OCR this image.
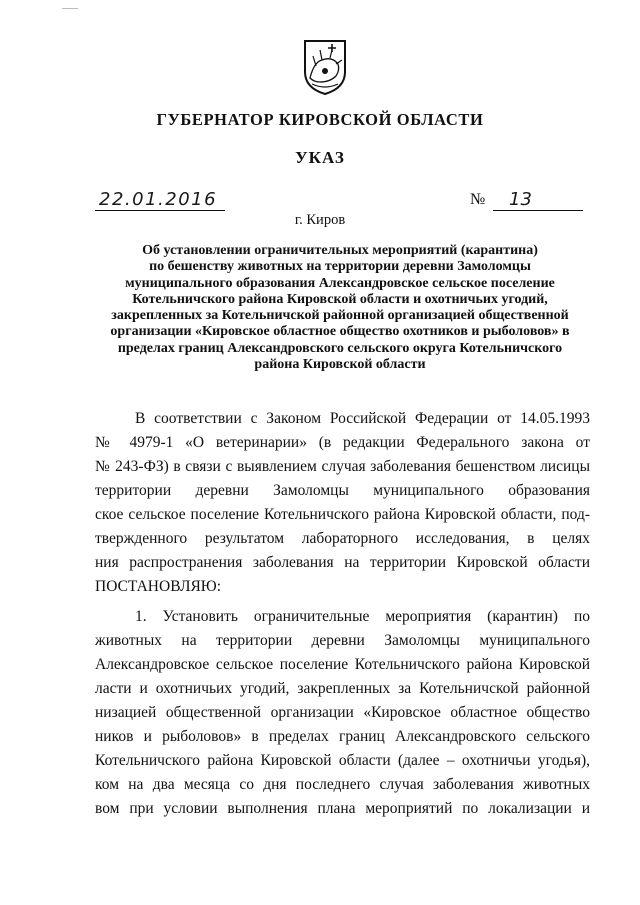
ГУБЕРНАТОР КИРОВСКОЙ ОБЛАСТИ
УКАЗ
22.01.2016	№ 13
г. Киров
Об установлении ограничительных мероприятий (карантина)
по бешенству животных на территории деревни Замоломцы
муниципального образования Александровское сельское поселение
Котельничского района Кировской области и охотничьих угодий,
закрепленных за Котельничской районной организацией общественной
организации «Кировское областное общество охотников и рыболовов» в
пределах границ Александровского сельского округа Котельничского
района Кировской области
В соответствии с Законом Российской Федерации от 14.05.1993
№ 4979-1 «О ветеринарии» (в редакции Федерального закона от
№ 243-ФЗ) в связи с выявлением случая заболевания бешенством лисицы
территории деревни Замоломцы муниципального образования
ское сельское поселение Котельничского района Кировской области, под-
твержденного результатом лабораторного исследования, в целях
ния распространения заболевания на территории Кировской области
ПОСТАНОВЛЯЮ:
1. Установить ограничительные мероприятия (карантин) по
животных на территории деревни Замоломцы муниципального
Александровское сельское поселение Котельничского района Кировской
ласти и охотничьих угодий, закрепленных за Котельничской районной
низацией общественной организации «Кировское областное общество
ников и рыболовов» в пределах границ Александровского сельского
Котельничского района Кировской области (далее – охотничьи угодья),
ком на два месяца со дня последнего случая заболевания животных
вом при условии выполнения плана мероприятий по локализации и
